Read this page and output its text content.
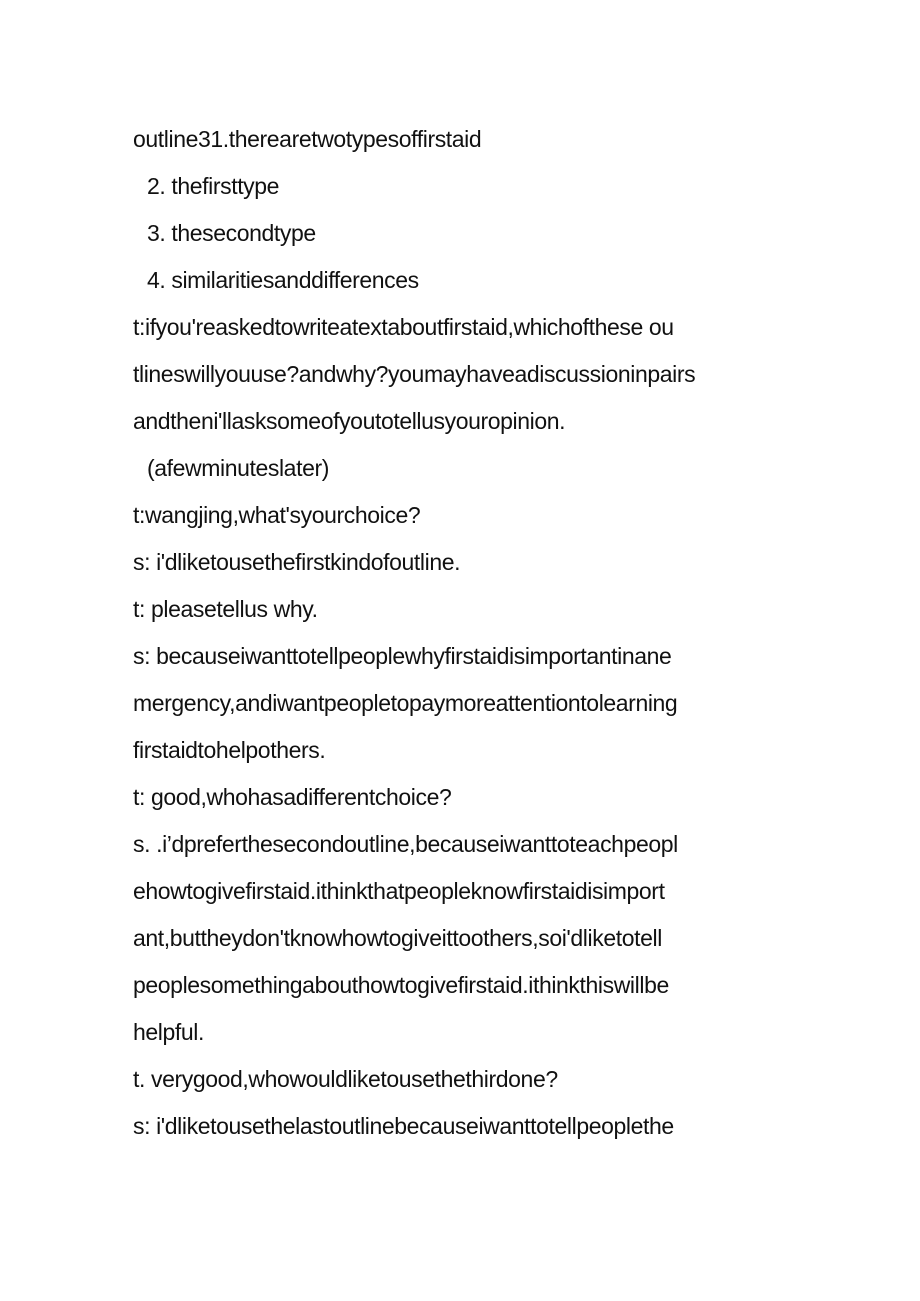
outline31.therearetwotypesoffirstaid
2. thefirsttype
3. thesecondtype
4. similaritiesanddifferences
t:ifyou'reaskedtowriteatextaboutfirstaid,whichofthese ou
tlineswillyouuse?andwhy?youmayhaveadiscussioninpairs
andtheni'llasksomeofyoutotellusyouropinion.
(afewminuteslater)
t:wangjing,what'syourchoice?
s: i'dliketousethefirstkindofoutline.
t: pleasetellus why.
s: becauseiwanttotellpeoplewhyfirstaidisimportantinane
mergency,andiwantpeopletopaymoreattentiontolearning
firstaidtohelpothers.
t: good,whohasadifferentchoice?
s. .i’dpreferthesecondoutline,becauseiwanttoteachpeopl
ehowtogivefirstaid.ithinkthatpeopleknowfirstaidisimport
ant,buttheydon'tknowhowtogiveittoothers,soi'dliketotell
peoplesomethingabouthowtogivefirstaid.ithinkthiswillbe
helpful.
t. verygood,whowouldliketousethethirdone?
s: i'dliketousethelastoutlinebecauseiwanttotellpeoplethe
